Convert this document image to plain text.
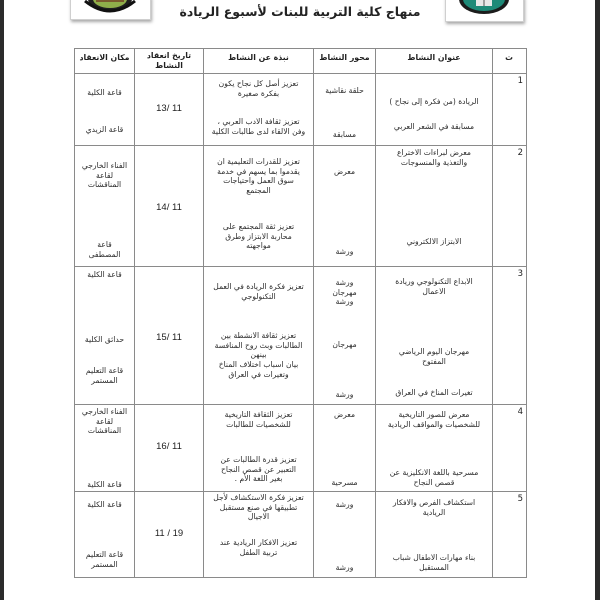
منهاج كلية التربية للبنات لأسبوع الريادة
ت
عنوان النشاط
محور النشاط
نبذة عن النشاط
تاريخ انعقاد
النشاط
مكان الانعقاد
1
الريادة (من فكرة إلى نجاح )
مسابقة في الشعر العربي
حلقة نقاشية
مسابقة
تعزيز أصل كل نجاح يكون
بفكرة صغيرة
تعزيز ثقافة الادب العربي ،
وفن الالقاء لدى طالبات الكلية
13/ 11
قاعة الكلية
قاعة الزيدي
2
معرض لبراءات الاختراع
والتغذية والمنسوجات
الابتزاز الالكتروني
معرض
ورشة
تعزيز للقدرات التعليمية ان
يقدموا بما يسهم في خدمة
سوق العمل واحتياجات
المجتمع
تعزيز ثقة المجتمع على
محاربة الابتزاز وطرق
مواجهته
14/ 11
الفناء الخارجي
لقاعة
المناقشات
قاعة
المصطفى
3
الابداع التكنولوجي وريادة
الاعمال
مهرجان اليوم الرياضي
المفتوح
تغيرات المناخ في العراق
ورشة
مهرجان
ورشة
مهرجان
ورشة
تعزيز فكرة الريادة في العمل
التكنولوجي
تعزيز ثقافة الانشطة بين
الطالبات وبث روح المنافسة
بينهن
بيان اسباب اختلاف المناخ
وتغيرات في العراق
15/ 11
قاعة الكلية
حدائق الكلية
قاعة التعليم
المستمر
4
معرض للصور التاريخية
للشخصيات والمواقف الريادية
مسرحية باللغة الانكليزية عن
قصص النجاح
معرض
مسرحية
تعزيز الثقافة التاريخية
للشخصيات للطالبات
تعزيز قدرة الطالبات عن
التعبير عن قصص النجاح
بغير اللغة الأم .
16/ 11
الفناء الخارجي
لقاعة
المناقشات
قاعة الكلية
5
استكشاف الفرص والافكار
الريادية
بناء مهارات الاطفال شباب
المستقبل
ورشة
ورشة
تعزيز فكرة الاستكشاف لأجل
تطبيقها في صنع مستقبل
الاجيال
تعزيز الافكار الريادية عند
تربية الطفل
11 / 19
قاعة الكلية
قاعة التعليم
المستمر
